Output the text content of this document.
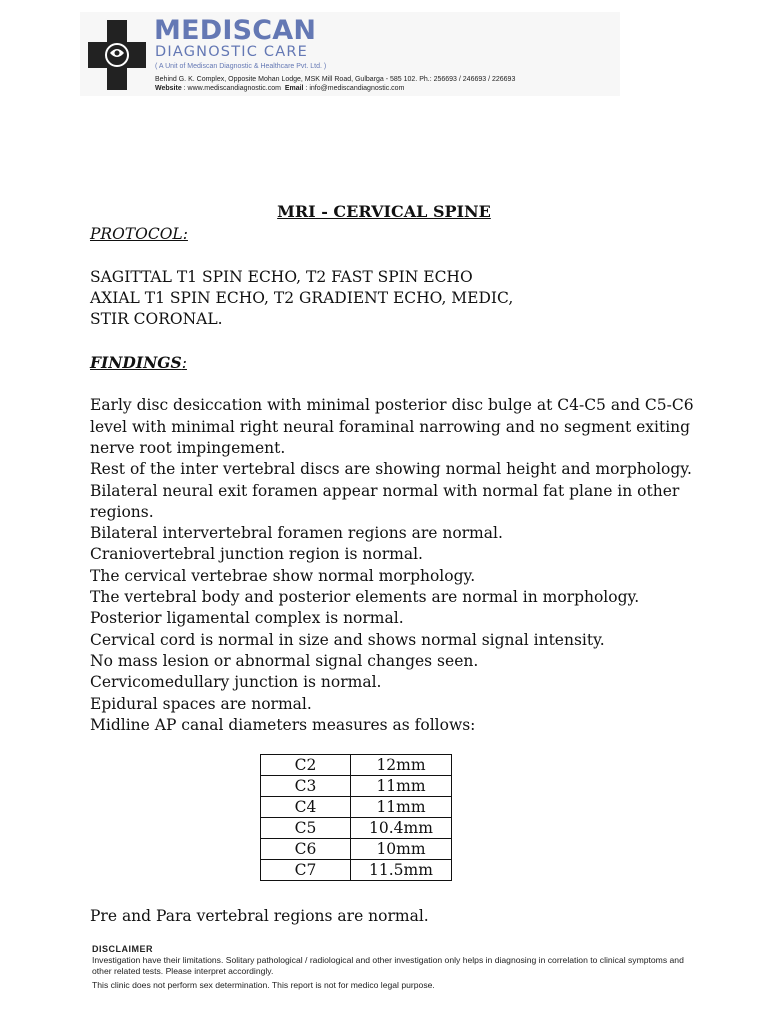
MEDISCAN
DIAGNOSTIC CARE
( A Unit of Mediscan Diagnostic & Healthcare Pvt. Ltd. )
Behind G. K. Complex, Opposite Mohan Lodge, MSK Mill Road, Gulbarga - 585 102. Ph.: 256693 / 246693 / 226693
Website : www.mediscandiagnostic.com Email : info@mediscandiagnostic.com
MRI - CERVICAL SPINE
PROTOCOL:
SAGITTAL T1 SPIN ECHO, T2 FAST SPIN ECHO
AXIAL T1 SPIN ECHO, T2 GRADIENT ECHO, MEDIC,
STIR CORONAL.
FINDINGS:
Early disc desiccation with minimal posterior disc bulge at C4-C5 and C5-C6
level with minimal right neural foraminal narrowing and no segment exiting
nerve root impingement.
Rest of the inter vertebral discs are showing normal height and morphology.
Bilateral neural exit foramen appear normal with normal fat plane in other
regions.
Bilateral intervertebral foramen regions are normal.
Craniovertebral junction region is normal.
The cervical vertebrae show normal morphology.
The vertebral body and posterior elements are normal in morphology.
Posterior ligamental complex is normal.
Cervical cord is normal in size and shows normal signal intensity.
No mass lesion or abnormal signal changes seen.
Cervicomedullary junction is normal.
Epidural spaces are normal.
Midline AP canal diameters measures as follows:
C2	12mm
C3	11mm
C4	11mm
C5	10.4mm
C6	10mm
C7	11.5mm
Pre and Para vertebral regions are normal.
DISCLAIMER
Investigation have their limitations. Solitary pathological / radiological and other investigation only helps in diagnosing in correlation to clinical symptoms and other related tests. Please interpret accordingly.
This clinic does not perform sex determination. This report is not for medico legal purpose.
